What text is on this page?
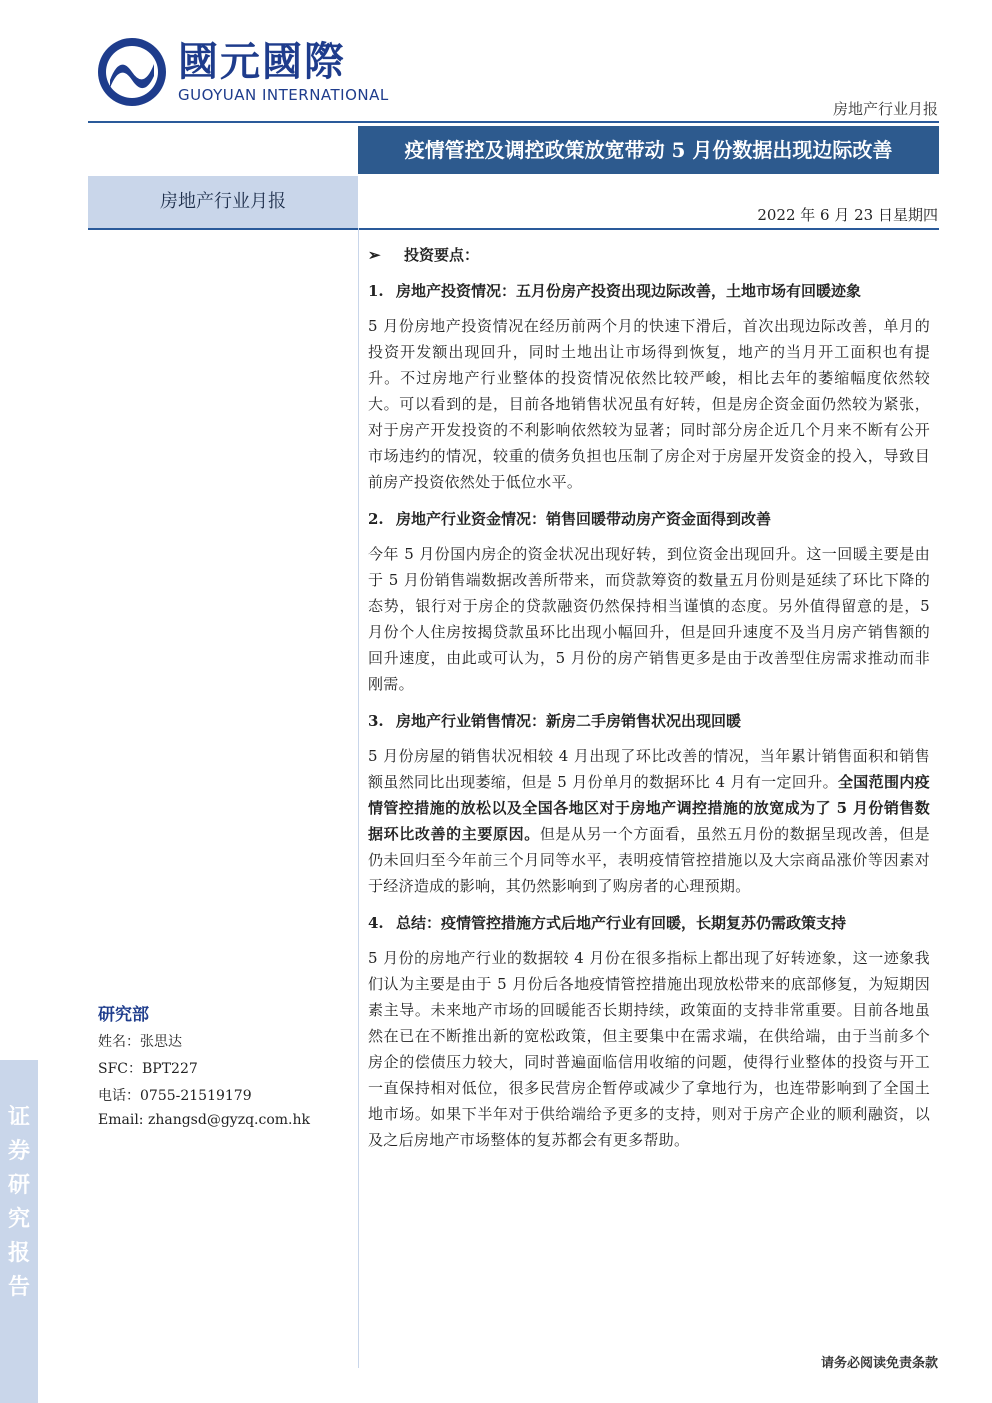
國元國際
GUOYUAN INTERNATIONAL
房地产行业月报
疫情管控及调控政策放宽带动 5 月份数据出现边际改善
房地产行业月报
2022 年 6 月 23 日星期四
➢ 投资要点：
1. 房地产投资情况：五月份房产投资出现边际改善，土地市场有回暖迹象

5 月份房地产投资情况在经历前两个月的快速下滑后，首次出现边际改善，单月的投资开发额出现回升，同时土地出让市场得到恢复，地产的当月开工面积也有提升。不过房地产行业整体的投资情况依然比较严峻，相比去年的萎缩幅度依然较大。可以看到的是，目前各地销售状况虽有好转，但是房企资金面仍然较为紧张，对于房产开发投资的不利影响依然较为显著；同时部分房企近几个月来不断有公开市场违约的情况，较重的债务负担也压制了房企对于房屋开发资金的投入，导致目前房产投资依然处于低位水平。

2. 房地产行业资金情况：销售回暖带动房产资金面得到改善

今年 5 月份国内房企的资金状况出现好转，到位资金出现回升。这一回暖主要是由于 5 月份销售端数据改善所带来，而贷款筹资的数量五月份则是延续了环比下降的态势，银行对于房企的贷款融资仍然保持相当谨慎的态度。另外值得留意的是，5 月份个人住房按揭贷款虽环比出现小幅回升，但是回升速度不及当月房产销售额的回升速度，由此或可认为，5 月份的房产销售更多是由于改善型住房需求推动而非刚需。

3. 房地产行业销售情况：新房二手房销售状况出现回暖

5 月份房屋的销售状况相较 4 月出现了环比改善的情况，当年累计销售面积和销售额虽然同比出现萎缩，但是 5 月份单月的数据环比 4 月有一定回升。全国范围内疫情管控措施的放松以及全国各地区对于房地产调控措施的放宽成为了 5 月份销售数据环比改善的主要原因。但是从另一个方面看，虽然五月份的数据呈现改善，但是仍未回归至今年前三个月同等水平，表明疫情管控措施以及大宗商品涨价等因素对于经济造成的影响，其仍然影响到了购房者的心理预期。

4. 总结：疫情管控措施方式后地产行业有回暖，长期复苏仍需政策支持

5 月份的房地产行业的数据较 4 月份在很多指标上都出现了好转迹象，这一迹象我们认为主要是由于 5 月份后各地疫情管控措施出现放松带来的底部修复，为短期因素主导。未来地产市场的回暖能否长期持续，政策面的支持非常重要。目前各地虽然在已在不断推出新的宽松政策，但主要集中在需求端，在供给端，由于当前多个房企的偿债压力较大，同时普遍面临信用收缩的问题，使得行业整体的投资与开工一直保持相对低位，很多民营房企暂停或减少了拿地行为，也连带影响到了全国土地市场。如果下半年对于供给端给予更多的支持，则对于房产企业的顺利融资，以及之后房地产市场整体的复苏都会有更多帮助。

研究部
姓名：张思达
SFC：BPT227
电话：0755-21519179
Email: zhangsd@gyzq.com.hk
证
券
研
究
报
告
请务必阅读免责条款
